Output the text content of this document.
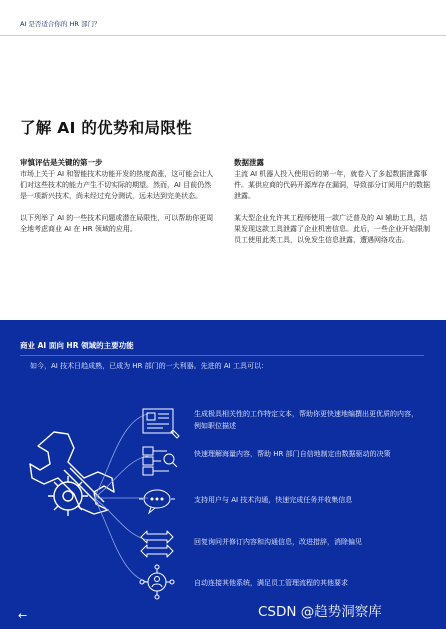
AI 是否适合你的 HR 部门？
了解 AI 的优势和局限性
审慎评估是关键的第一步

市场上关于 AI 和智能技术功能开发的热度高涨，这可能会让人们对这些技术的能力产生不切实际的期望。然而，AI 目前仍然是一项新兴技术，尚未经过充分测试，远未达到完美状态。

以下列举了 AI 的一些技术问题或潜在局限性，可以帮助你更周全地考虑商业 AI 在 HR 领域的应用。

数据泄露

主流 AI 机器人投入使用后的第一年，就卷入了多起数据泄露事件。某供应商的代码开源库存在漏洞，导致部分订阅用户的数据泄露。

某大型企业允许其工程师使用一款广泛普及的 AI 辅助工具，结果发现这款工具泄露了企业机密信息。此后，一些企业开始限制员工使用此类工具，以免发生信息泄露，遭遇网络攻击。

商业 AI 面向 HR 领域的主要功能
如今，AI 技术日趋成熟，已成为 HR 部门的一大利器。先进的 AI 工具可以：
生成极具相关性的工作特定文本，帮助你更快速地编撰出更优质的内容，例如职位描述
快速理解海量内容，帮助 HR 部门自信地制定由数据驱动的决策
支持用户与 AI 技术沟通，快速完成任务并收集信息
回复询问并修订内容和沟通信息，改进措辞，消除偏见
自动连接其他系统，满足员工管理流程的其他要求
←	CSDN @趋势洞察库
